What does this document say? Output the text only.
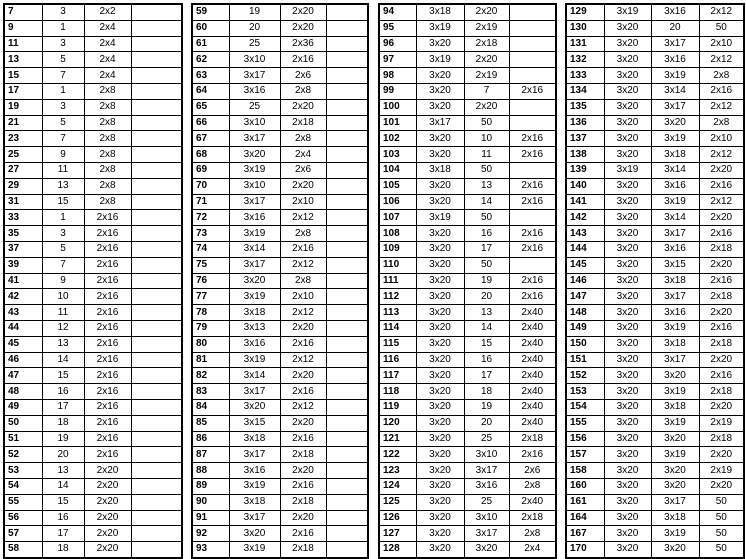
7	3	2x2	
9	1	2x4	
11	3	2x4	
13	5	2x4	
15	7	2x4	
17	1	2x8	
19	3	2x8	
21	5	2x8	
23	7	2x8	
25	9	2x8	
27	11	2x8	
29	13	2x8	
31	15	2x8	
33	1	2x16	
35	3	2x16	
37	5	2x16	
39	7	2x16	
41	9	2x16	
42	10	2x16	
43	11	2x16	
44	12	2x16	
45	13	2x16	
46	14	2x16	
47	15	2x16	
48	16	2x16	
49	17	2x16	
50	18	2x16	
51	19	2x16	
52	20	2x16	
53	13	2x20	
54	14	2x20	
55	15	2x20	
56	16	2x20	
57	17	2x20	
58	18	2x20	
59	19	2x20	
60	20	2x20	
61	25	2x36	
62	3x10	2x16	
63	3x17	2x6	
64	3x16	2x8	
65	25	2x20	
66	3x10	2x18	
67	3x17	2x8	
68	3x20	2x4	
69	3x19	2x6	
70	3x10	2x20	
71	3x17	2x10	
72	3x16	2x12	
73	3x19	2x8	
74	3x14	2x16	
75	3x17	2x12	
76	3x20	2x8	
77	3x19	2x10	
78	3x18	2x12	
79	3x13	2x20	
80	3x16	2x16	
81	3x19	2x12	
82	3x14	2x20	
83	3x17	2x16	
84	3x20	2x12	
85	3x15	2x20	
86	3x18	2x16	
87	3x17	2x18	
88	3x16	2x20	
89	3x19	2x16	
90	3x18	2x18	
91	3x17	2x20	
92	3x20	2x16	
93	3x19	2x18	
94	3x18	2x20	
95	3x19	2x19	
96	3x20	2x18	
97	3x19	2x20	
98	3x20	2x19	
99	3x20	7	2x16
100	3x20	2x20	
101	3x17	50	
102	3x20	10	2x16
103	3x20	11	2x16
104	3x18	50	
105	3x20	13	2x16
106	3x20	14	2x16
107	3x19	50	
108	3x20	16	2x16
109	3x20	17	2x16
110	3x20	50	
111	3x20	19	2x16
112	3x20	20	2x16
113	3x20	13	2x40
114	3x20	14	2x40
115	3x20	15	2x40
116	3x20	16	2x40
117	3x20	17	2x40
118	3x20	18	2x40
119	3x20	19	2x40
120	3x20	20	2x40
121	3x20	25	2x18
122	3x20	3x10	2x16
123	3x20	3x17	2x6
124	3x20	3x16	2x8
125	3x20	25	2x40
126	3x20	3x10	2x18
127	3x20	3x17	2x8
128	3x20	3x20	2x4
129	3x19	3x16	2x12
130	3x20	20	50
131	3x20	3x17	2x10
132	3x20	3x16	2x12
133	3x20	3x19	2x8
134	3x20	3x14	2x16
135	3x20	3x17	2x12
136	3x20	3x20	2x8
137	3x20	3x19	2x10
138	3x20	3x18	2x12
139	3x19	3x14	2x20
140	3x20	3x16	2x16
141	3x20	3x19	2x12
142	3x20	3x14	2x20
143	3x20	3x17	2x16
144	3x20	3x16	2x18
145	3x20	3x15	2x20
146	3x20	3x18	2x16
147	3x20	3x17	2x18
148	3x20	3x16	2x20
149	3x20	3x19	2x16
150	3x20	3x18	2x18
151	3x20	3x17	2x20
152	3x20	3x20	2x16
153	3x20	3x19	2x18
154	3x20	3x18	2x20
155	3x20	3x19	2x19
156	3x20	3x20	2x18
157	3x20	3x19	2x20
158	3x20	3x20	2x19
160	3x20	3x20	2x20
161	3x20	3x17	50
164	3x20	3x18	50
167	3x20	3x19	50
170	3x20	3x20	50
